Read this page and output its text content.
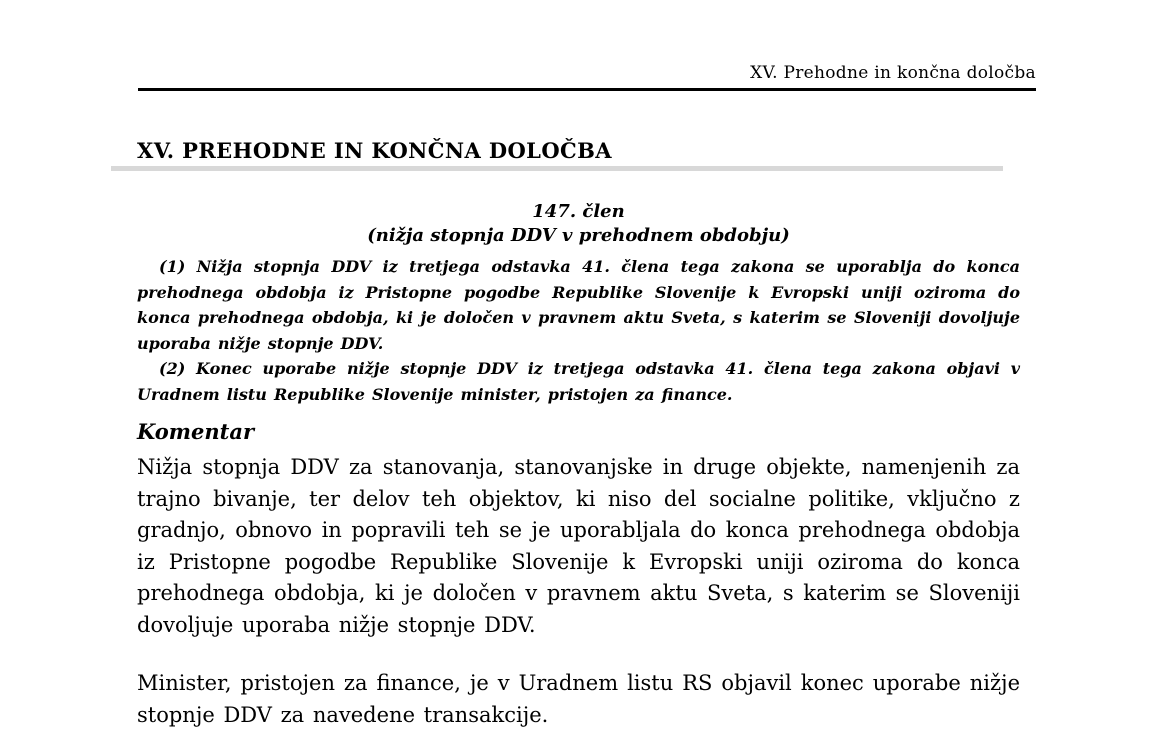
XV. Prehodne in končna določba
XV. PREHODNE IN KONČNA DOLOČBA
147. člen
(nižja stopnja DDV v prehodnem obdobju)

(1) Nižja stopnja DDV iz tretjega odstavka 41. člena tega zakona se uporablja do konca prehodnega obdobja iz Pristopne pogodbe Republike Slovenije k Evropski uniji oziroma do konca prehodnega obdobja, ki je določen v pravnem aktu Sveta, s katerim se Sloveniji dovoljuje uporaba nižje stopnje DDV.

(2) Konec uporabe nižje stopnje DDV iz tretjega odstavka 41. člena tega zakona objavi v Uradnem listu Republike Slovenije minister, pristojen za finance.

Komentar

Nižja stopnja DDV za stanovanja, stanovanjske in druge objekte, namenjenih za trajno bivanje, ter delov teh objektov, ki niso del socialne politike, vključno z gradnjo, obnovo in popravili teh se je uporabljala do konca prehodnega obdobja iz Pristopne pogodbe Republike Slovenije k Evropski uniji oziroma do konca prehodnega obdobja, ki je določen v pravnem aktu Sveta, s katerim se Sloveniji dovoljuje uporaba nižje stopnje DDV.

Minister, pristojen za finance, je v Uradnem listu RS objavil konec uporabe nižje stopnje DDV za navedene transakcije.
